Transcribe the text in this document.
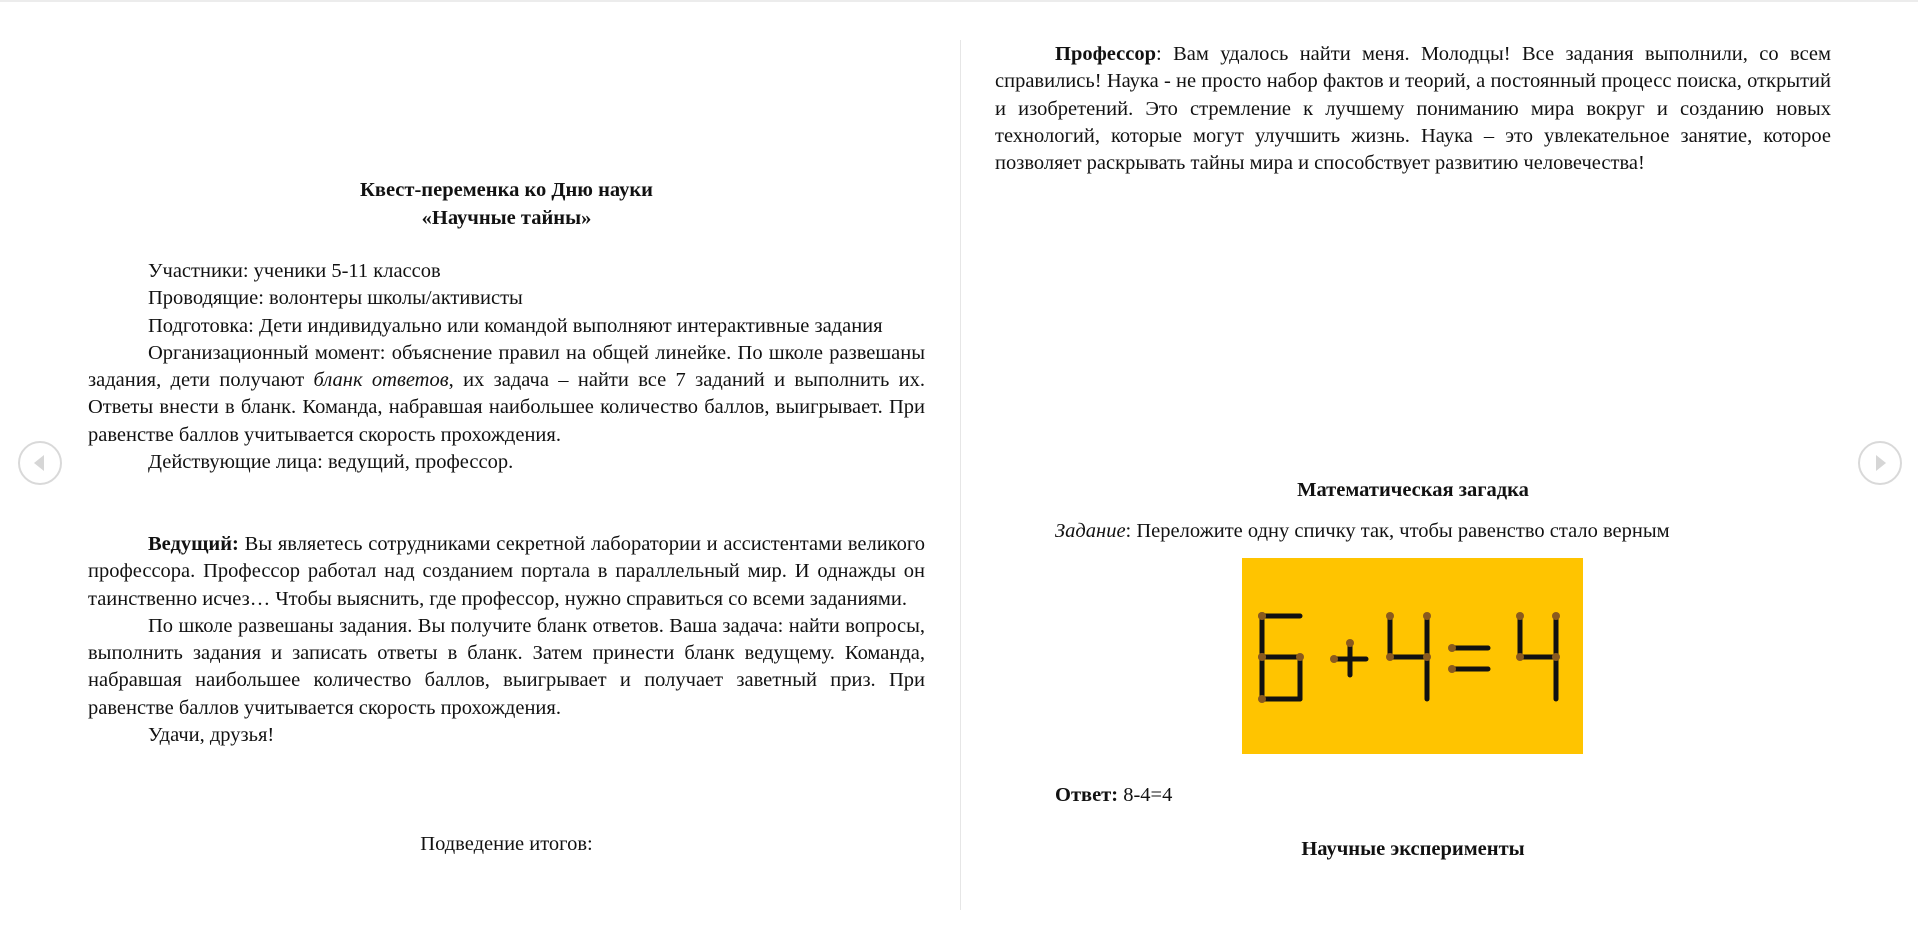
Квест-переменка ко Дню науки

«Научные тайны»

Участники: ученики 5-11 классов

Проводящие: волонтеры школы/активисты

Подготовка: Дети индивидуально или командой выполняют интерактивные задания

Организационный момент: объяснение правил на общей линейке. По школе развешаны задания, дети получают бланк ответов, их задача – найти все 7 заданий и выполнить их. Ответы внести в бланк. Команда, набравшая наибольшее количество баллов, выигрывает. При равенстве баллов учитывается скорость прохождения.

Действующие лица: ведущий, профессор.

Ведущий: Вы являетесь сотрудниками секретной лаборатории и ассистентами великого профессора. Профессор работал над созданием портала в параллельный мир. И однажды он таинственно исчез… Чтобы выяснить, где профессор, нужно справиться со всеми заданиями.

По школе развешаны задания. Вы получите бланк ответов. Ваша задача: найти вопросы, выполнить задания и записать ответы в бланк. Затем принести бланк ведущему. Команда, набравшая наибольшее количество баллов, выигрывает и получает заветный приз. При равенстве баллов учитывается скорость прохождения.

Удачи, друзья!

Подведение итогов:

Профессор: Вам удалось найти меня. Молодцы! Все задания выполнили, со всем справились! Наука - не просто набор фактов и теорий, а постоянный процесс поиска, открытий и изобретений. Это стремление к лучшему пониманию мира вокруг и созданию новых технологий, которые могут улучшить жизнь. Наука – это увлекательное занятие, которое позволяет раскрывать тайны мира и способствует развитию человечества!

Математическая загадка

Задание: Переложите одну спичку так, чтобы равенство стало верным

Ответ: 8-4=4

Научные эксперименты
